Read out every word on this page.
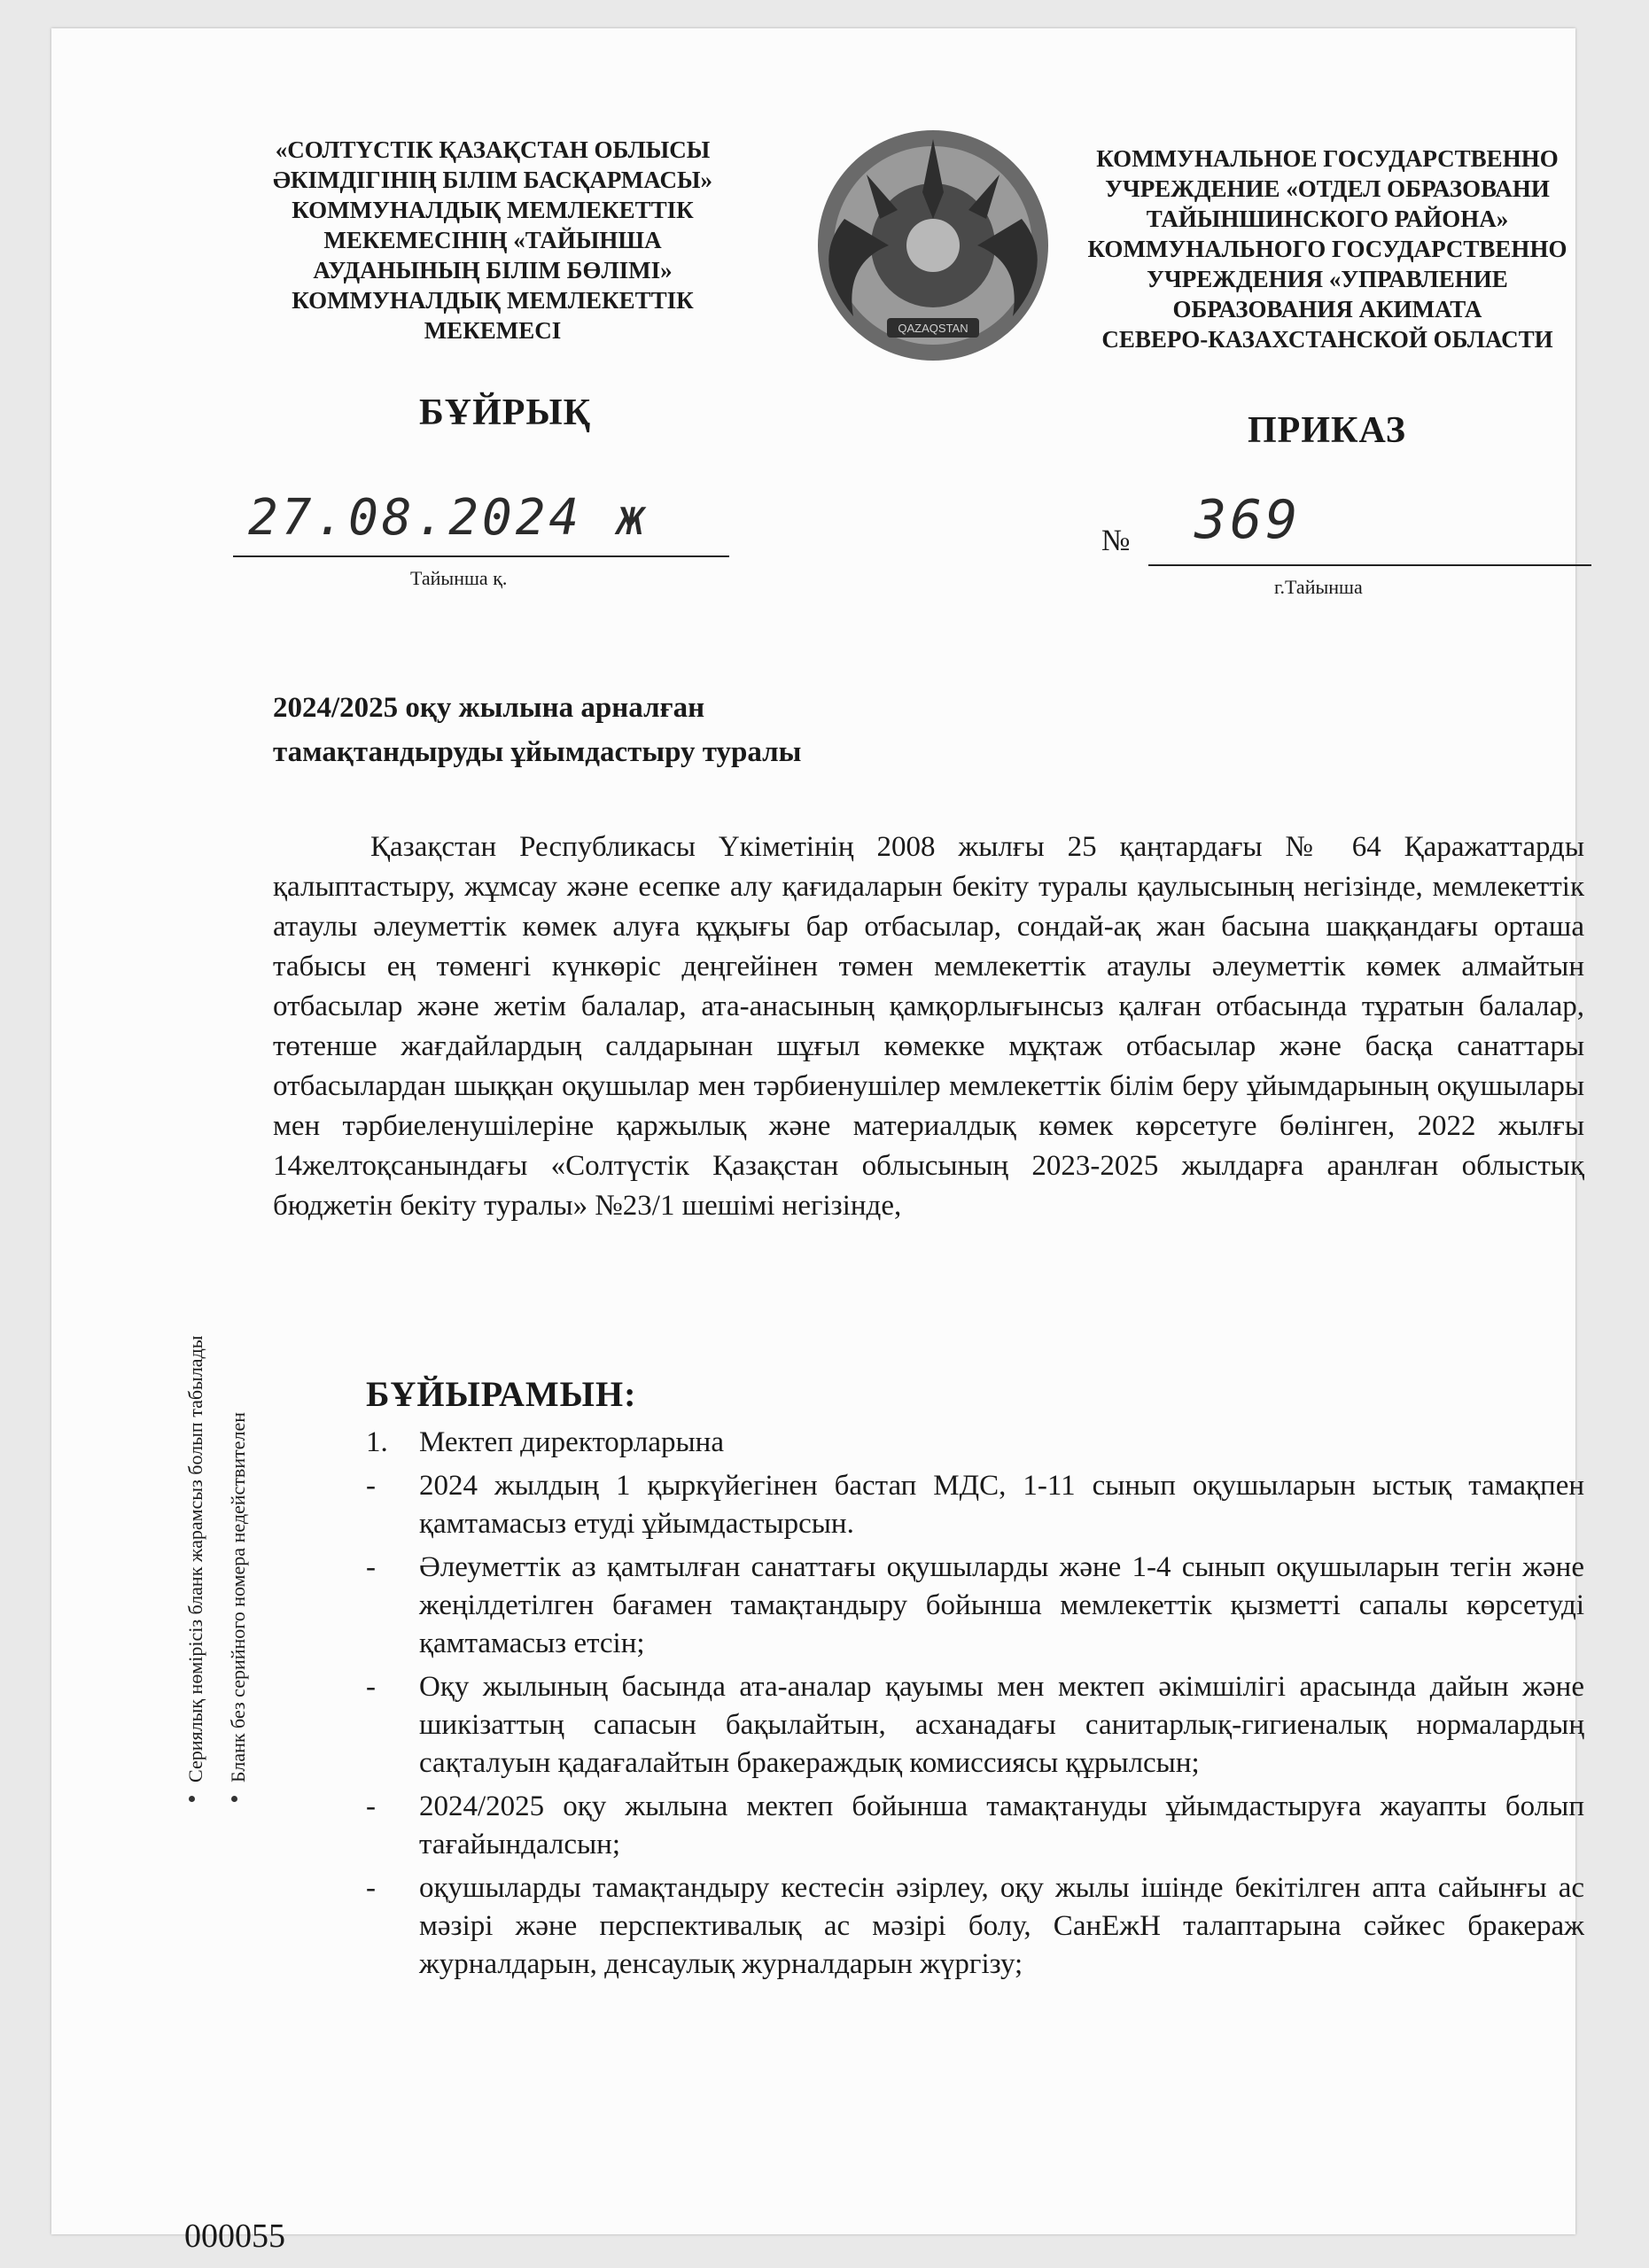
«СОЛТҮСТІК ҚАЗАҚСТАН ОБЛЫСЫ
ӘКІМДІГІНІҢ БІЛІМ БАСҚАРМАСЫ»
КОММУНАЛДЫҚ МЕМЛЕКЕТТІК
МЕКЕМЕСІНІҢ «ТАЙЫНША
АУДАНЫНЫҢ БІЛІМ БӨЛІМІ»
КОММУНАЛДЫҚ МЕМЛЕКЕТТІК
МЕКЕМЕСІ	QAZAQSTAN
КОММУНАЛЬНОЕ ГОСУДАРСТВЕННО
УЧРЕЖДЕНИЕ «ОТДЕЛ ОБРАЗОВАНИ
ТАЙЫНШИНСКОГО РАЙОНА»
КОММУНАЛЬНОГО ГОСУДАРСТВЕННО
УЧРЕЖДЕНИЯ «УПРАВЛЕНИЕ
ОБРАЗОВАНИЯ АКИМАТА
СЕВЕРО-КАЗАХСТАНСКОЙ ОБЛАСТИ
БҰЙРЫҚ	ПРИКАЗ
27.08.2024 ж
Тайынша қ.
№ 369
г.Тайынша
2024/2025 оқу жылына арналған
тамақтандыруды ұйымдастыру туралы

Қазақстан Республикасы Үкіметінің 2008 жылғы 25 қаңтардағы № 64 Қаражаттарды қалыптастыру, жұмсау және есепке алу қағидаларын бекіту туралы қаулысының негізінде, мемлекеттік атаулы әлеуметтік көмек алуға құқығы бар отбасылар, сондай-ақ жан басына шаққандағы орташа табысы ең төменгі күнкөріс деңгейінен төмен мемлекеттік атаулы әлеуметтік көмек алмайтын отбасылар және жетім балалар, ата-анасының қамқорлығынсыз қалған отбасында тұратын балалар, төтенше жағдайлардың салдарынан шұғыл көмекке мұқтаж отбасылар және басқа санаттары отбасылардан шыққан оқушылар мен тәрбиенушілер мемлекеттік білім беру ұйымдарының оқушылары мен тәрбиеленушілеріне қаржылық және материалдық көмек көрсетуге бөлінген, 2022 жылғы 14желтоқсанындағы «Солтүстік Қазақстан облысының 2023-2025 жылдарға аранлған облыстық бюджетін бекіту туралы» №23/1 шешімі негізінде,

БҰЙЫРАМЫН:
1. Мектеп директорларына
- 2024 жылдың 1 қыркүйегінен бастап МДС, 1-11 сынып оқушыларын ыстық тамақпен қамтамасыз етуді ұйымдастырсын.
- Әлеуметтік аз қамтылған санаттағы оқушыларды және 1-4 сынып оқушыларын тегін және жеңілдетілген бағамен тамақтандыру бойынша мемлекеттік қызметті сапалы көрсетуді қамтамасыз етсін;
- Оқу жылының басында ата-аналар қауымы мен мектеп әкімшілігі арасында дайын және шикізаттың сапасын бақылайтын, асханадағы санитарлық-гигиеналық нормалардың сақталуын қадағалайтын бракераждық комиссиясы құрылсын;
- 2024/2025 оқу жылына мектеп бойынша тамақтануды ұйымдастыруға жауапты болып тағайындалсын;
- оқушыларды тамақтандыру кестесін әзірлеу, оқу жылы ішінде бекітілген апта сайынғы ас мәзірі және перспективалық ас мәзірі болу, СанЕжН талаптарына сәйкес бракераж журналдарын, денсаулық журналдарын жүргізу;
Сериялық нөмірісіз бланк жарамсыз болып табылады Бланк без серийного номера недействителен
000055
